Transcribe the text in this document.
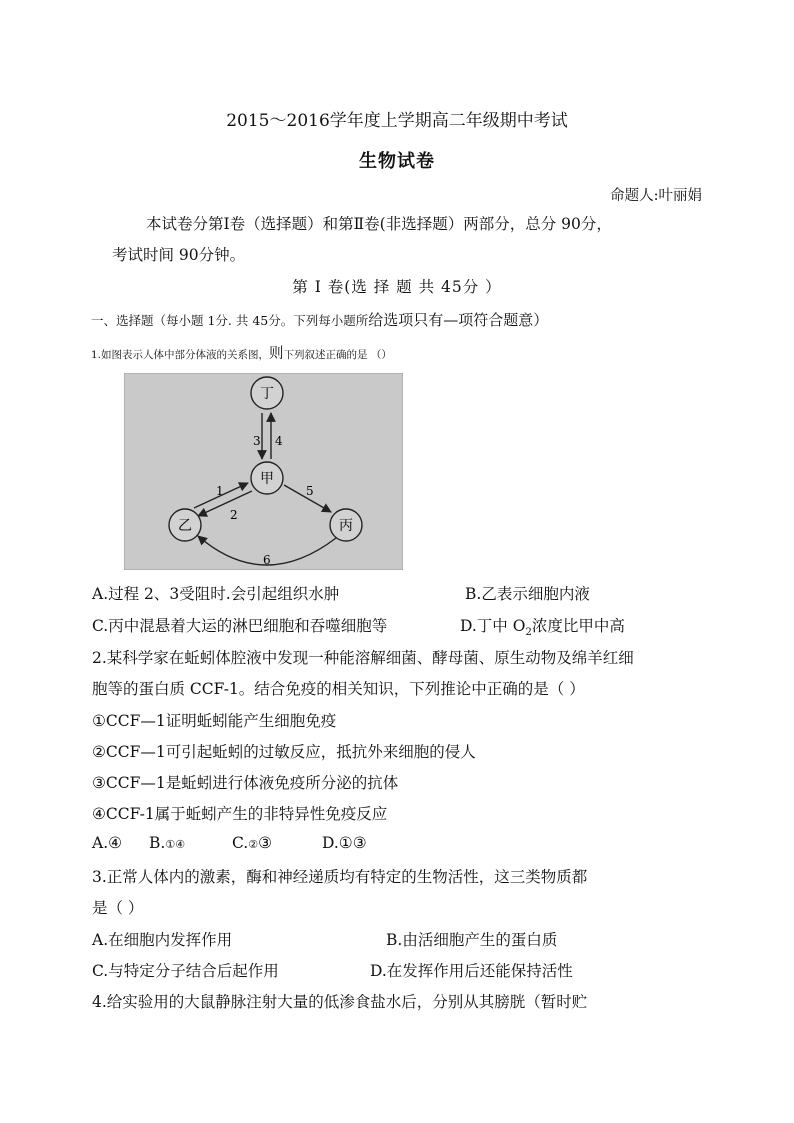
2015～2016学年度上学期高二年级期中考试
生物试卷
命题人:叶丽娟
本试卷分第Ⅰ卷（选择题）和第Ⅱ卷(非选择题）两部分，总分 90分，
考试时间 90分钟。
第 I 卷(选 择 题 共 45分 ）
一、选择题（每小题 1分. 共 45分。下列每小题所给选项只有—项符合题意）
1.如图表示人体中部分体液的关系图，则下列叙述正确的是 （）
丁
甲
乙	丙
3 4
1
2
5
6
A.过程 2、3受阻时.会引起组织水肿	B.乙表示细胞内液
C.丙中混悬着大运的淋巴细胞和吞噬细胞等	D.丁中 $O_2$浓度比甲中高
2.某科学家在蚯蚓体腔液中发现一种能溶解细菌、酵母菌、原生动物及绵羊红细
胞等的蛋白质 CCF-1。结合免疫的相关知识，下列推论中正确的是（ ）
①CCF—1证明蚯蚓能产生细胞免疫
②CCF—1可引起蚯蚓的过敏反应，抵抗外来细胞的侵人
③CCF—1是蚯蚓进行体液免疫所分泌的抗体
④CCF-1属于蚯蚓产生的非特异性免疫反应
A.④ B.①④	C.②③	D.①③
3.正常人体内的激素，酶和神经递质均有特定的生物活性，这三类物质都
是（ ）
A.在细胞内发挥作用	B.由活细胞产生的蛋白质
C.与特定分子结合后起作用	D.在发挥作用后还能保持活性
4.给实验用的大鼠静脉注射大量的低渗食盐水后，分别从其膀胱（暂时贮
